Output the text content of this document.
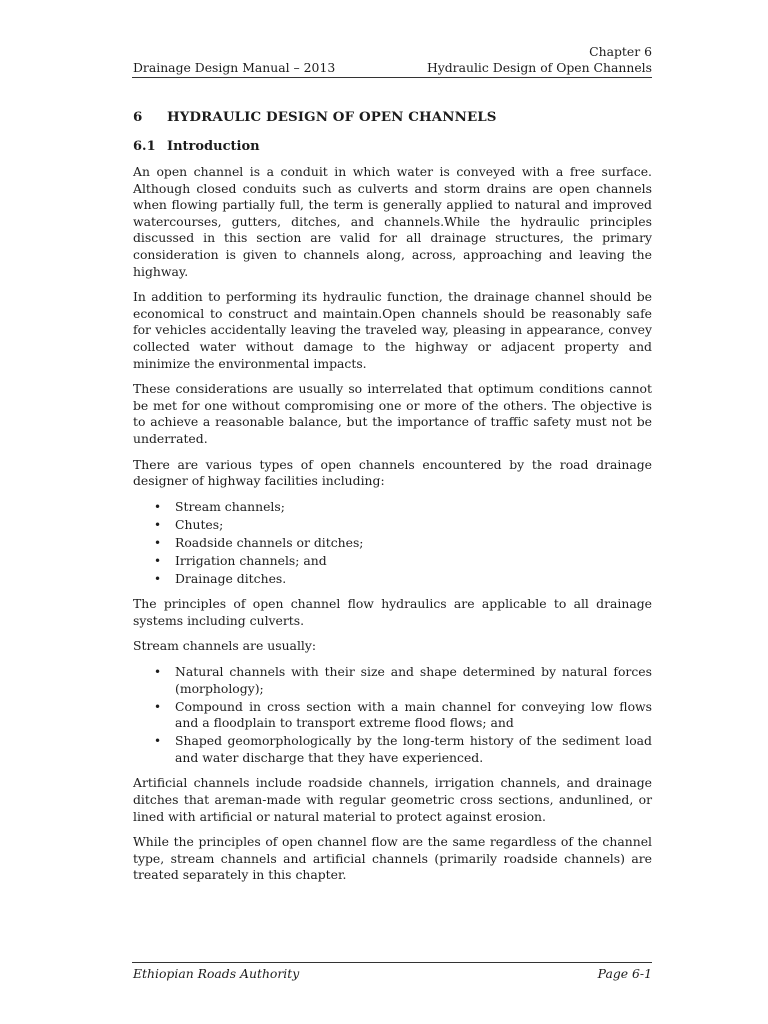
Chapter 6
Hydraulic Design of Open Channels
Drainage Design Manual – 2013
6 HYDRAULIC DESIGN OF OPEN CHANNELS
6.1 Introduction

An open channel is a conduit in which water is conveyed with a free surface. Although closed conduits such as culverts and storm drains are open channels when flowing partially full, the term is generally applied to natural and improved watercourses, gutters, ditches, and channels.While the hydraulic principles discussed in this section are valid for all drainage structures, the primary consideration is given to channels along, across, approaching and leaving the highway.

In addition to performing its hydraulic function, the drainage channel should be economical to construct and maintain.Open channels should be reasonably safe for vehicles accidentally leaving the traveled way, pleasing in appearance, convey collected water without damage to the highway or adjacent property and minimize the environmental impacts.

These considerations are usually so interrelated that optimum conditions cannot be met for one without compromising one or more of the others. The objective is to achieve a reasonable balance, but the importance of traffic safety must not be underrated.

There are various types of open channels encountered by the road drainage designer of highway facilities including:

• Stream channels;
• Chutes;
• Roadside channels or ditches;
• Irrigation channels; and
• Drainage ditches.

The principles of open channel flow hydraulics are applicable to all drainage systems including culverts.

Stream channels are usually:

• Natural channels with their size and shape determined by natural forces (morphology);
• Compound in cross section with a main channel for conveying low flows and a floodplain to transport extreme flood flows; and
• Shaped geomorphologically by the long-term history of the sediment load and water discharge that they have experienced.

Artificial channels include roadside channels, irrigation channels, and drainage ditches that areman-made with regular geometric cross sections, andunlined, or lined with artificial or natural material to protect against erosion.

While the principles of open channel flow are the same regardless of the channel type, stream channels and artificial channels (primarily roadside channels) are treated separately in this chapter.

Ethiopian Roads Authority	Page 6-1
